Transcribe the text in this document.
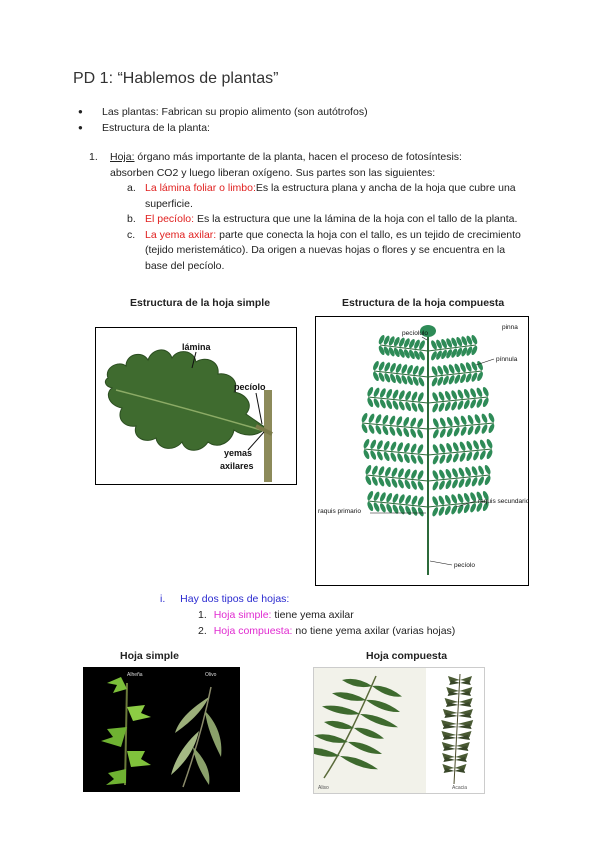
PD 1: “Hablemos de plantas”
●	Las plantas: Fabrican su propio alimento (son autótrofos)
●	Estructura de la planta:
1. Hoja: órgano más importante de la planta, hacen el proceso de fotosíntesis:
absorben CO2 y luego liberan oxígeno. Sus partes son las siguientes:
a. La lámina foliar o limbo:Es la estructura plana y ancha de la hoja que cubre una superficie.
b. El pecíolo: Es la estructura que une la lámina de la hoja con el tallo de la planta.
c. La yema axilar: parte que conecta la hoja con el tallo, es un tejido de crecimiento (tejido meristemático). Da origen a nuevas hojas o flores y se encuentra en la base del pecíolo.
Estructura de la hoja simple	Estructura de la hoja compuesta
lámina
pecíolo
yemas
axilares
pecíolulo
pinna
pínnula
raquis primario
raquis secundario
pecíolo
i. Hay dos tipos de hojas:
1. Hoja simple: tiene yema axilar
2. Hoja compuesta: no tiene yema axilar (varias hojas)
Hoja simple	Hoja compuesta
Alheña	Olivo
Aliso	Acacia
